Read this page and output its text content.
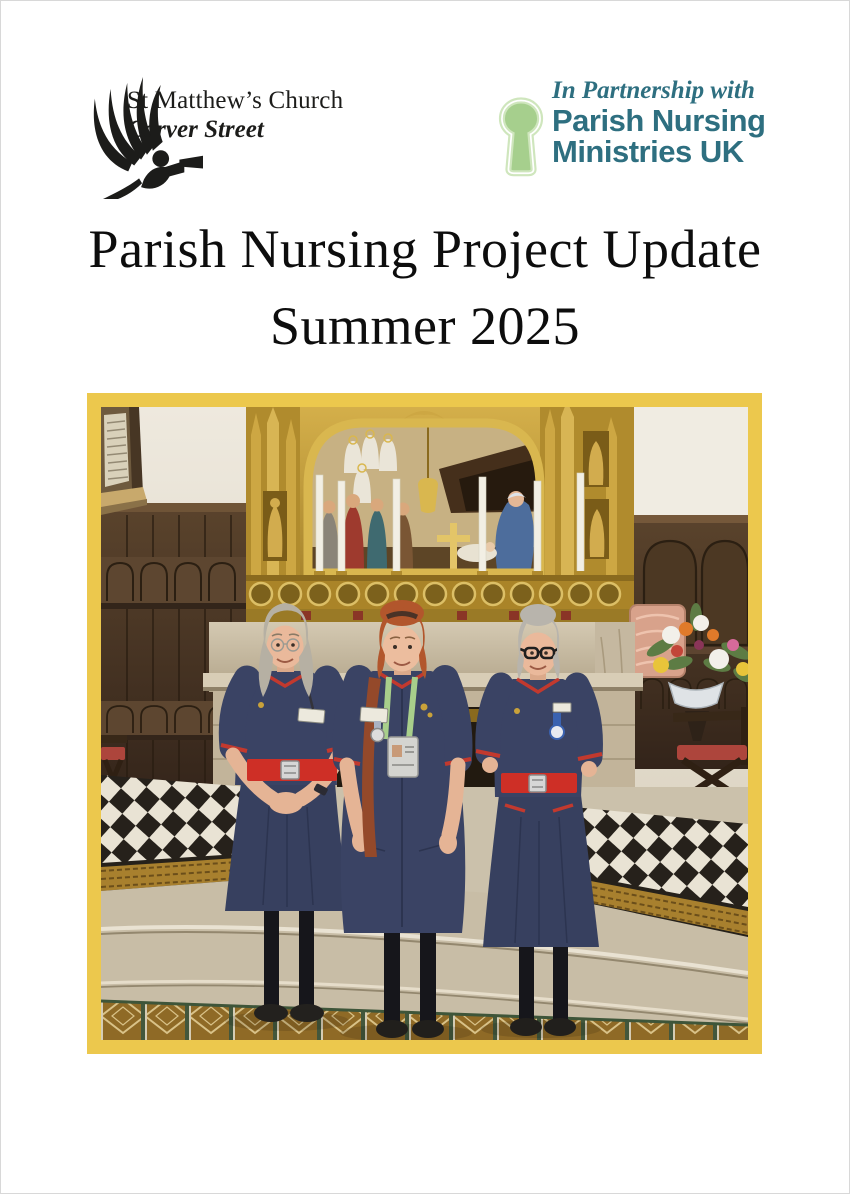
St Matthew’s Church
Carver Street
In Partnership with
Parish Nursing
Ministries UK
Parish Nursing Project Update
Summer 2025
